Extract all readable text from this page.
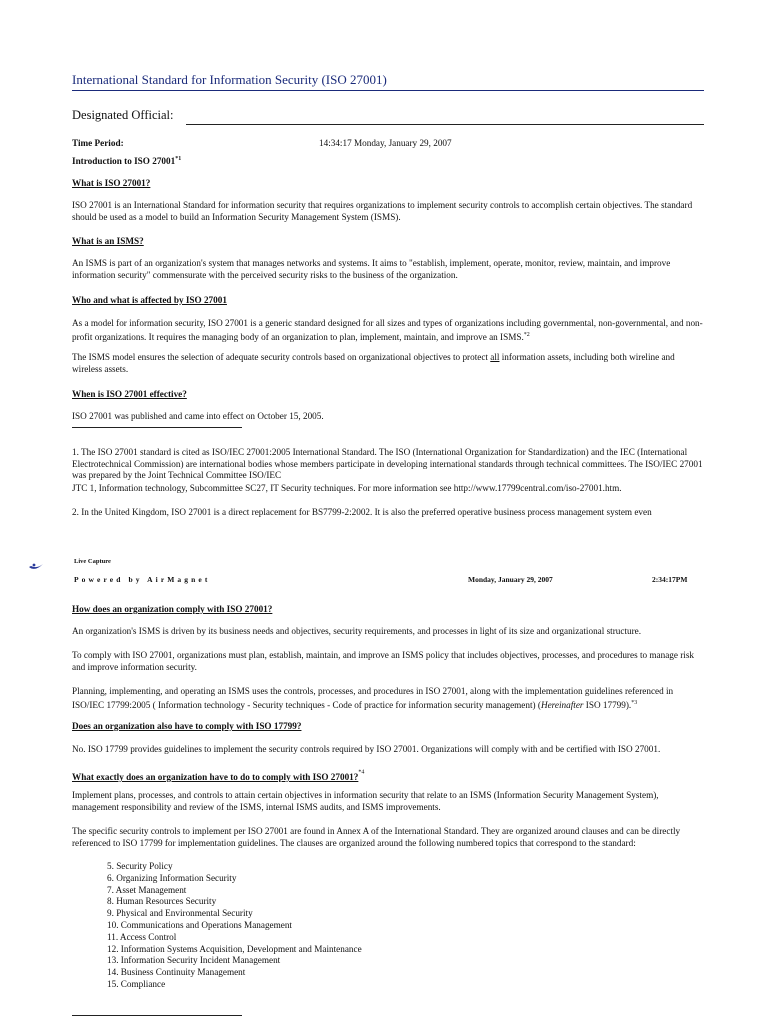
International Standard for Information Security (ISO 27001)
Designated Official:
Time Period:	14:34:17 Monday, January 29, 2007
Introduction to ISO 27001$^{*1}$
What is ISO 27001?
ISO 27001 is an International Standard for information security that requires organizations to implement security controls to accomplish certain objectives. The standard should be used as a model to build an Information Security Management System (ISMS).
What is an ISMS?
An ISMS is part of an organization's system that manages networks and systems. It aims to "establish, implement, operate, monitor, review, maintain, and improve information security" commensurate with the perceived security risks to the business of the organization.
Who and what is affected by ISO 27001
As a model for information security, ISO 27001 is a generic standard designed for all sizes and types of organizations including governmental, non-governmental, and non-profit organizations. It requires the managing body of an organization to plan, implement, maintain, and improve an ISMS.$^{*2}$
The ISMS model ensures the selection of adequate security controls based on organizational objectives to protect all information assets, including both wireline and wireless assets.
When is ISO 27001 effective?
ISO 27001 was published and came into effect on October 15, 2005.
1. The ISO 27001 standard is cited as ISO/IEC 27001:2005 International Standard. The ISO (International Organization for Standardization) and the IEC (International Electrotechnical Commission) are international bodies whose members participate in developing international standards through technical committees. The ISO/IEC 27001 was prepared by the Joint Technical Committee ISO/IEC
JTC 1, Information technology, Subcommittee SC27, IT Security techniques. For more information see http://www.17799central.com/iso-27001.htm.
2. In the United Kingdom, ISO 27001 is a direct replacement for BS7799-2:2002. It is also the preferred operative business process management system even
Live Capture
Powered by AirMagnet	Monday, January 29, 2007	2:34:17PM
How does an organization comply with ISO 27001?
An organization's ISMS is driven by its business needs and objectives, security requirements, and processes in light of its size and organizational structure.
To comply with ISO 27001, organizations must plan, establish, maintain, and improve an ISMS policy that includes objectives, processes, and procedures to manage risk and improve information security.
Planning, implementing, and operating an ISMS uses the controls, processes, and procedures in ISO 27001, along with the implementation guidelines referenced in ISO/IEC 17799:2005 ( Information technology - Security techniques - Code of practice for information security management) (Hereinafter ISO 17799).$^{*3}$
Does an organization also have to comply with ISO 17799?
No. ISO 17799 provides guidelines to implement the security controls required by ISO 27001. Organizations will comply with and be certified with ISO 27001.
What exactly does an organization have to do to comply with ISO 27001?$^{*4}$
Implement plans, processes, and controls to attain certain objectives in information security that relate to an ISMS (Information Security Management System), management responsibility and review of the ISMS, internal ISMS audits, and ISMS improvements.
The specific security controls to implement per ISO 27001 are found in Annex A of the International Standard. They are organized around clauses and can be directly referenced to ISO 17799 for implementation guidelines. The clauses are organized around the following numbered topics that correspond to the standard:
5. Security Policy
6. Organizing Information Security
7. Asset Management
8. Human Resources Security
9. Physical and Environmental Security
10. Communications and Operations Management
11. Access Control
12. Information Systems Acquisition, Development and Maintenance
13. Information Security Incident Management
14. Business Continuity Management
15. Compliance
